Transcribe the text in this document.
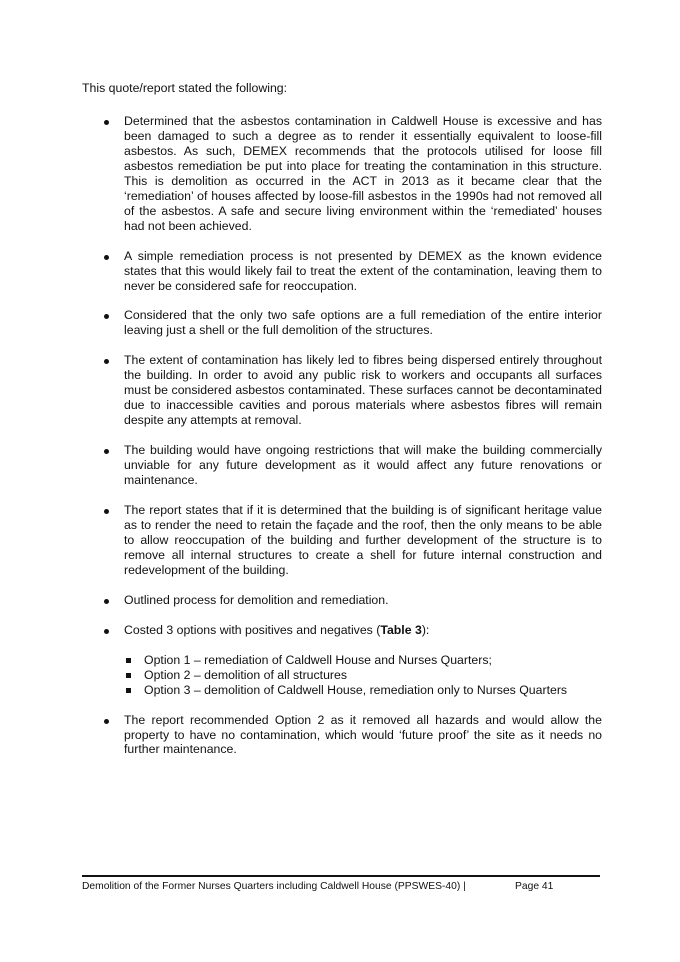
This quote/report stated the following:
Determined that the asbestos contamination in Caldwell House is excessive and has been damaged to such a degree as to render it essentially equivalent to loose-fill asbestos. As such, DEMEX recommends that the protocols utilised for loose fill asbestos remediation be put into place for treating the contamination in this structure. This is demolition as occurred in the ACT in 2013 as it became clear that the ‘remediation’ of houses affected by loose-fill asbestos in the 1990s had not removed all of the asbestos. A safe and secure living environment within the ‘remediated’ houses had not been achieved.
A simple remediation process is not presented by DEMEX as the known evidence states that this would likely fail to treat the extent of the contamination, leaving them to never be considered safe for reoccupation.
Considered that the only two safe options are a full remediation of the entire interior leaving just a shell or the full demolition of the structures.
The extent of contamination has likely led to fibres being dispersed entirely throughout the building. In order to avoid any public risk to workers and occupants all surfaces must be considered asbestos contaminated. These surfaces cannot be decontaminated due to inaccessible cavities and porous materials where asbestos fibres will remain despite any attempts at removal.
The building would have ongoing restrictions that will make the building commercially unviable for any future development as it would affect any future renovations or maintenance.
The report states that if it is determined that the building is of significant heritage value as to render the need to retain the façade and the roof, then the only means to be able to allow reoccupation of the building and further development of the structure is to remove all internal structures to create a shell for future internal construction and redevelopment of the building.
Outlined process for demolition and remediation.
Costed 3 options with positives and negatives (Table 3):
Option 1 – remediation of Caldwell House and Nurses Quarters;
Option 2 – demolition of all structures
Option 3 – demolition of Caldwell House, remediation only to Nurses Quarters
The report recommended Option 2 as it removed all hazards and would allow the property to have no contamination, which would ‘future proof’ the site as it needs no further maintenance.
Demolition of the Former Nurses Quarters including Caldwell House (PPSWES-40) |	Page 41
